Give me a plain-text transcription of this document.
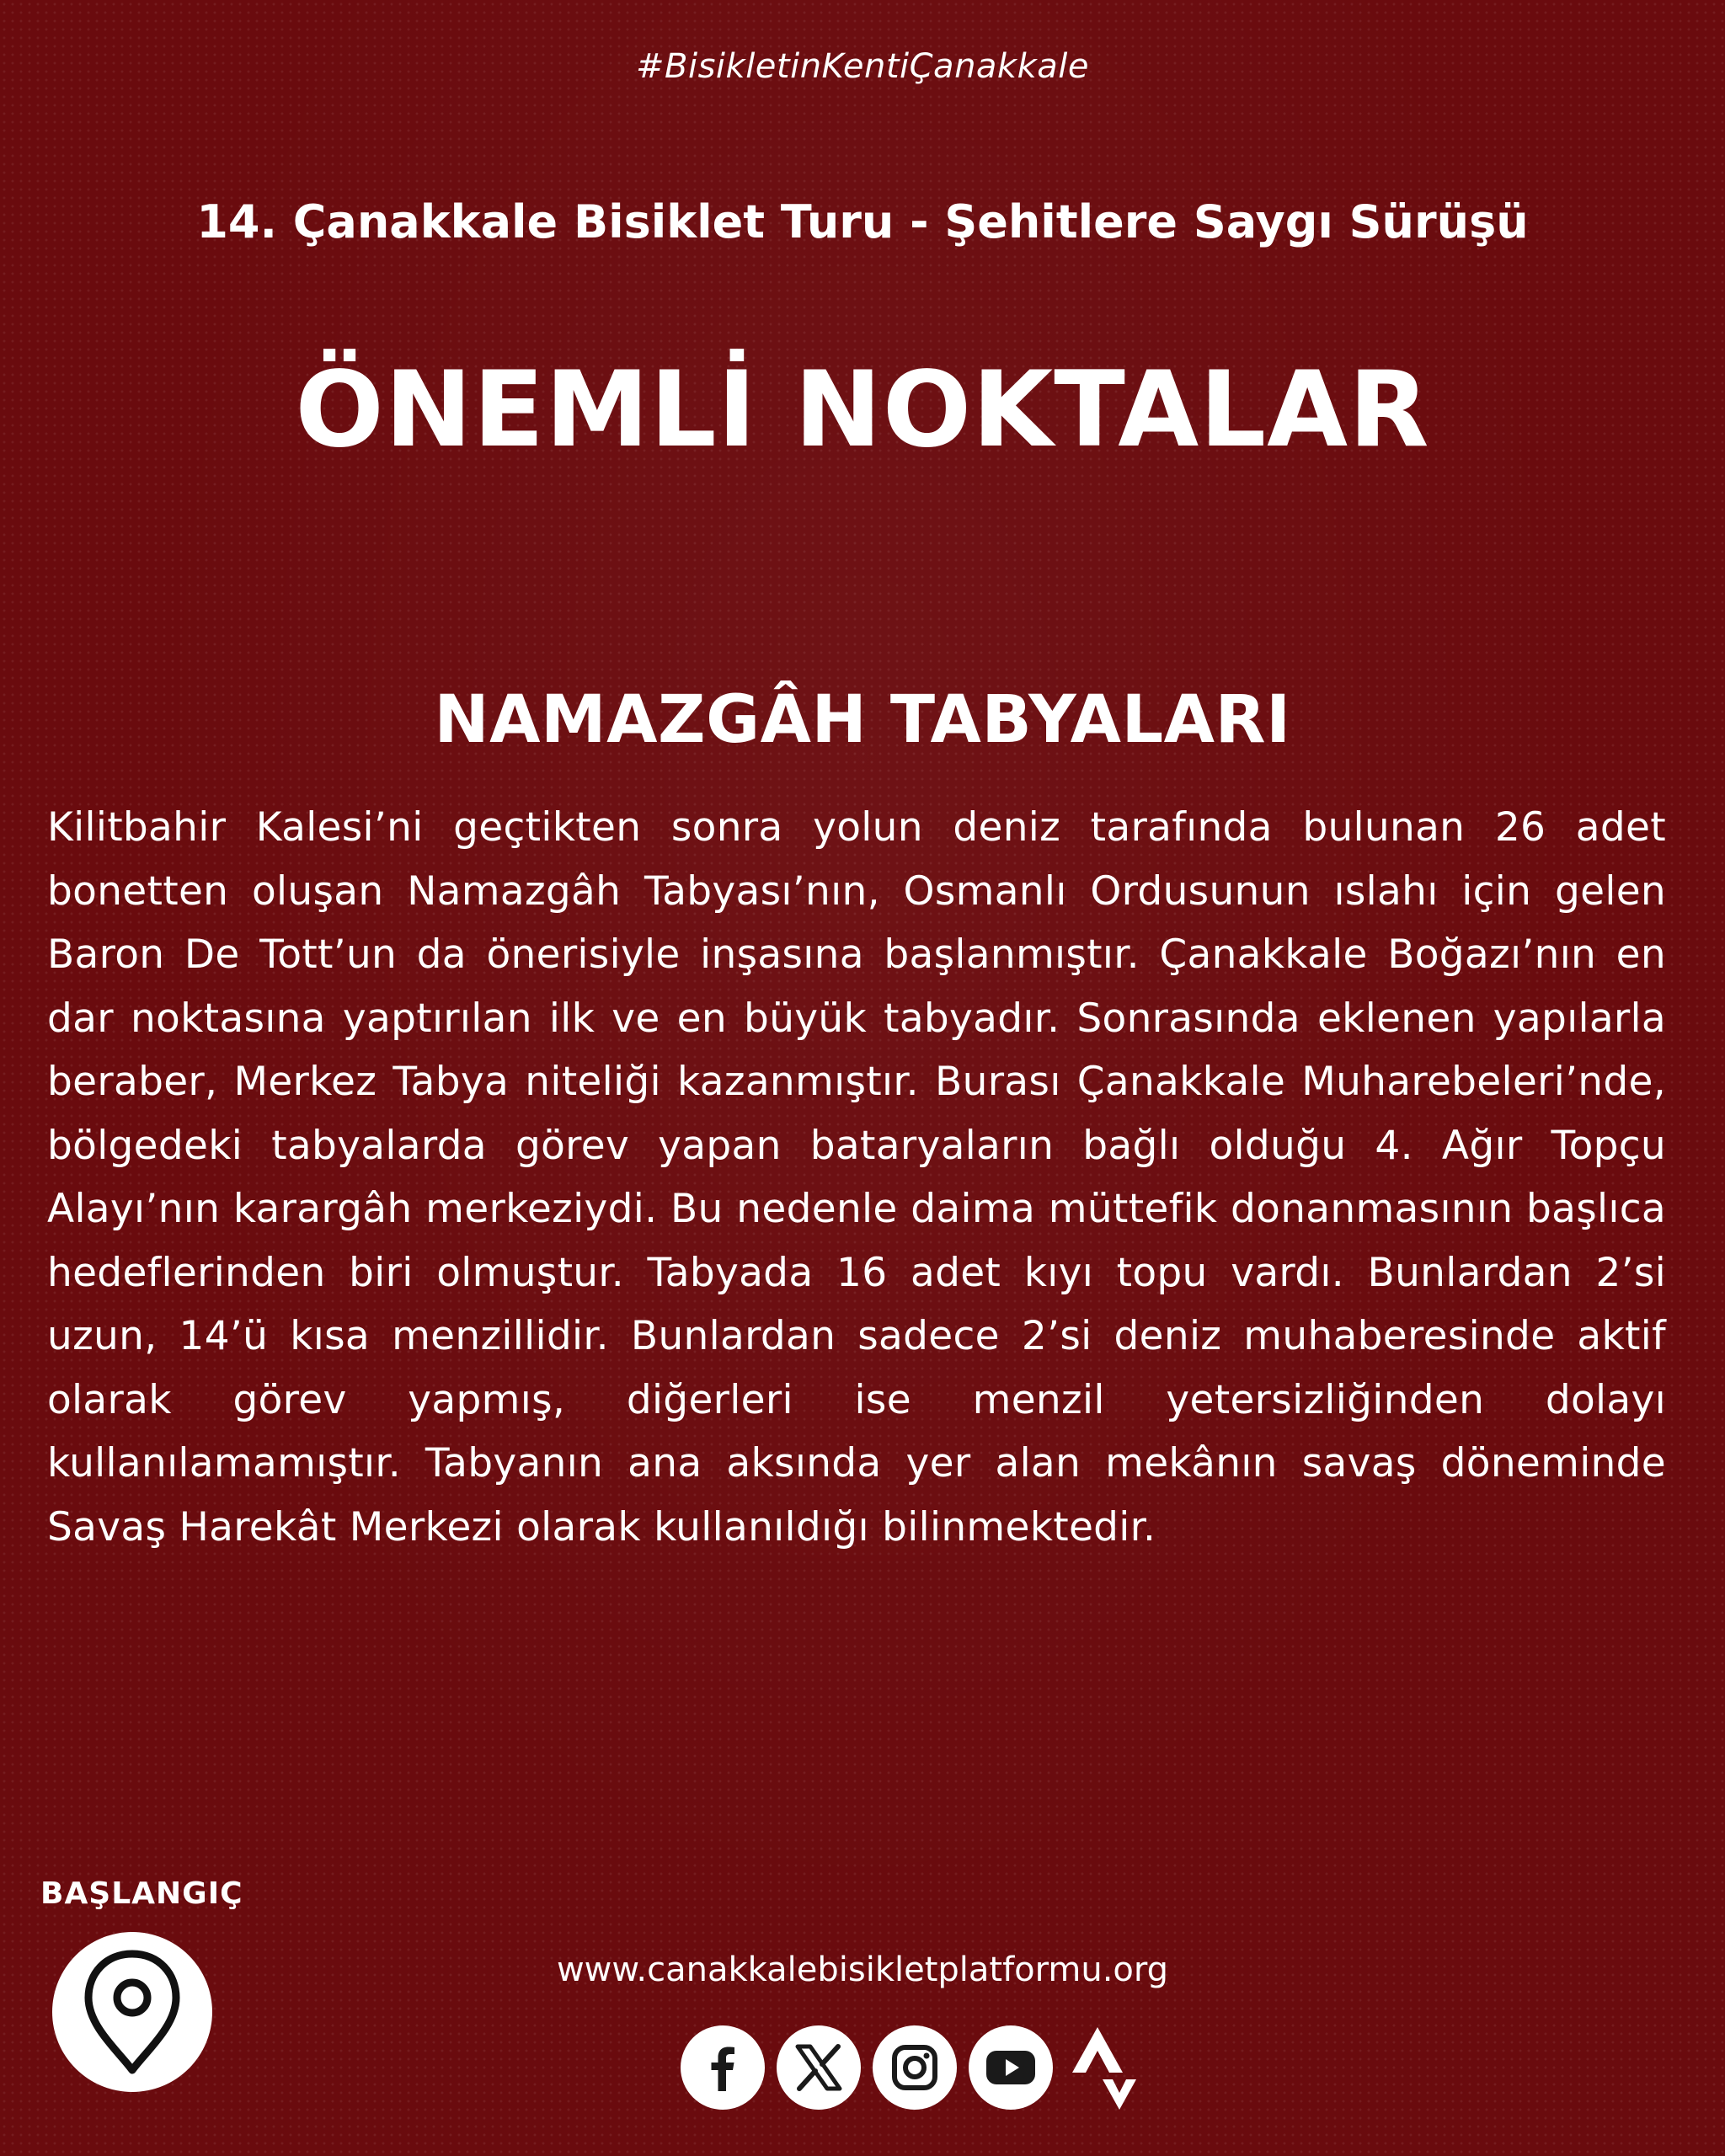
#BisikletinKentiÇanakkale
14. Çanakkale Bisiklet Turu - Şehitlere Saygı Sürüşü
ÖNEMLİ NOKTALAR
NAMAZGÂH TABYALARI
Kilitbahir Kalesi’ni geçtikten sonra yolun deniz tarafında bulunan 26 adet bonetten oluşan Namazgâh Tabyası’nın, Osmanlı Ordusunun ıslahı için gelen Baron De Tott’un da önerisiyle inşasına başlanmıştır. Çanakkale Boğazı’nın en dar noktasına yaptırılan ilk ve en büyük tabyadır. Sonrasında eklenen yapılarla beraber, Merkez Tabya niteliği kazanmıştır. Burası Çanakkale Muharebeleri’nde, bölgedeki tabyalarda görev yapan bataryaların bağlı olduğu 4. Ağır Topçu Alayı’nın karargâh merkeziydi. Bu nedenle daima müttefik donanmasının başlıca hedeflerinden biri olmuştur. Tabyada 16 adet kıyı topu vardı. Bunlardan 2’si uzun, 14’ü kısa menzillidir. Bunlardan sadece 2’si deniz muhaberesinde aktif olarak görev yapmış, diğerleri ise menzil yetersizliğinden dolayı kullanılamamıştır. Tabyanın ana aksında yer alan mekânın savaş döneminde Savaş Harekât Merkezi olarak kullanıldığı bilinmektedir.
BAŞLANGIÇ
www.canakkalebisikletplatformu.org
